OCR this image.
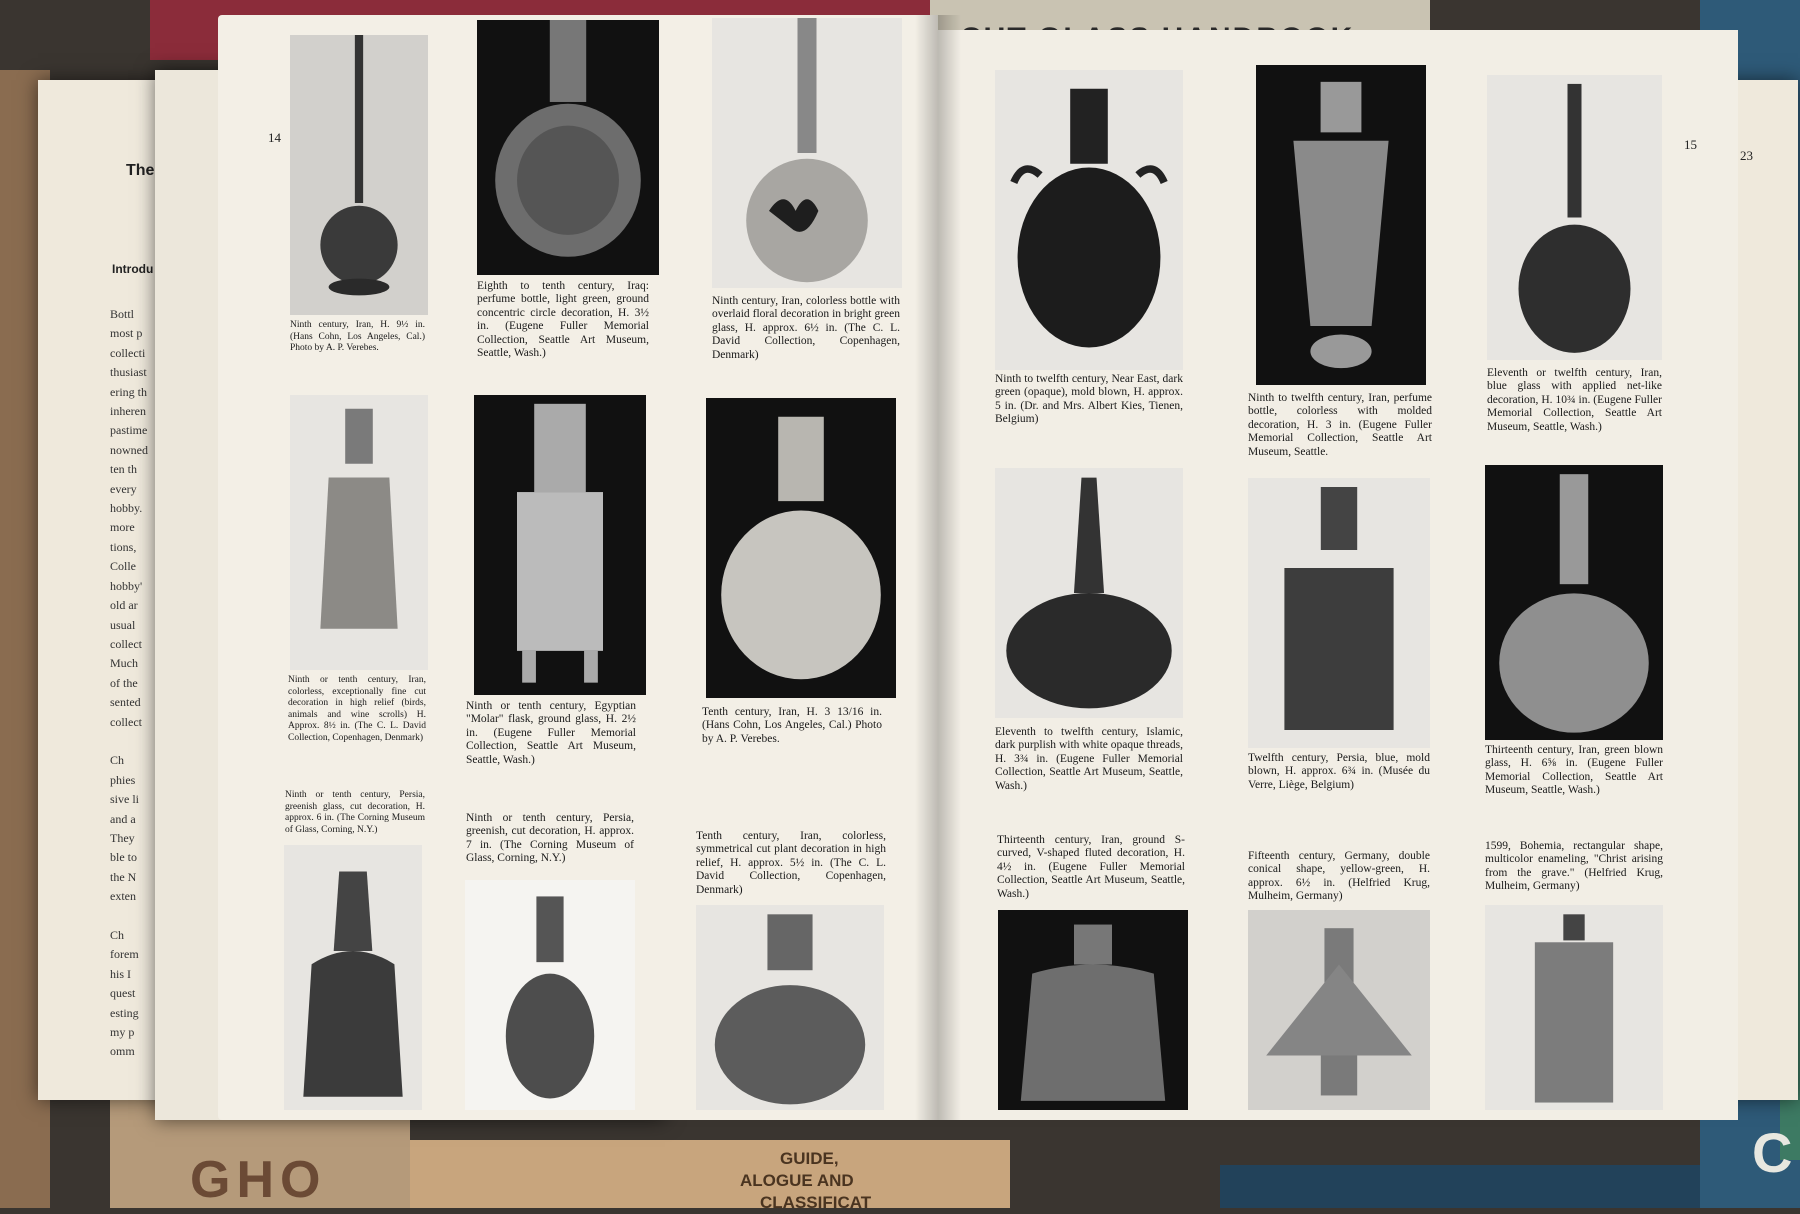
C
GHO	GUIDE,
ALOGUE AND
CLASSIFICAT
23
The
Introdu
Bottl
most p
collecti
thusiast
ering th
inheren
pastime
nowned
ten th
every
hobby.
more
tions,
Colle
hobby'
old ar
usual
collect
Much
of the
sented
collect

Ch
phies
sive li
and a
They
ble to
the N
exten

Ch
forem
his I
quest
esting
my p
omm
14	15
Ninth century, Iran, H. 9½ in. (Hans Cohn, Los Angeles, Cal.) Photo by A. P. Verebes.
Eighth to tenth century, Iraq: perfume bottle, light green, ground concentric circle decoration, H. 3½ in. (Eugene Fuller Memorial Collection, Seattle Art Museum, Seattle, Wash.)
Ninth century, Iran, colorless bottle with overlaid floral decoration in bright green glass, H. approx. 6½ in. (The C. L. David Collection, Copenhagen, Denmark)
Ninth or tenth century, Iran, colorless, exceptionally fine cut decoration in high relief (birds, animals and wine scrolls) H. Approx. 8½ in. (The C. L. David Collection, Copenhagen, Denmark)
Ninth or tenth century, Egyptian "Molar" flask, ground glass, H. 2½ in. (Eugene Fuller Memorial Collection, Seattle Art Museum, Seattle, Wash.)
Tenth century, Iran, H. 3 13/16 in. (Hans Cohn, Los Angeles, Cal.) Photo by A. P. Verebes.
Ninth or tenth century, Persia, greenish glass, cut decoration, H. approx. 6 in. (The Corning Museum of Glass, Corning, N.Y.)
Ninth or tenth century, Persia, greenish, cut decoration, H. approx. 7 in. (The Corning Museum of Glass, Corning, N.Y.)
Tenth century, Iran, colorless, symmetrical cut plant decoration in high relief, H. approx. 5½ in. (The C. L. David Collection, Copenhagen, Denmark)
Ninth to twelfth century, Near East, dark green (opaque), mold blown, H. approx. 5 in. (Dr. and Mrs. Albert Kies, Tienen, Belgium)
Ninth to twelfth century, Iran, perfume bottle, colorless with molded decoration, H. 3 in. (Eugene Fuller Memorial Collection, Seattle Art Museum, Seattle.
Eleventh or twelfth century, Iran, blue glass with applied net-like decoration, H. 10¾ in. (Eugene Fuller Memorial Collection, Seattle Art Museum, Seattle, Wash.)
Eleventh to twelfth century, Islamic, dark purplish with white opaque threads, H. 3¾ in. (Eugene Fuller Memorial Collection, Seattle Art Museum, Seattle, Wash.)
Twelfth century, Persia, blue, mold blown, H. approx. 6¾ in. (Musée du Verre, Liège, Belgium)
Thirteenth century, Iran, green blown glass, H. 6⅝ in. (Eugene Fuller Memorial Collection, Seattle Art Museum, Seattle, Wash.)
Thirteenth century, Iran, ground S-curved, V-shaped fluted decoration, H. 4½ in. (Eugene Fuller Memorial Collection, Seattle Art Museum, Seattle, Wash.)
Fifteenth century, Germany, double conical shape, yellow-green, H. approx. 6½ in. (Helfried Krug, Mulheim, Germany)
1599, Bohemia, rectangular shape, multicolor enameling, "Christ arising from the grave." (Helfried Krug, Mulheim, Germany)
